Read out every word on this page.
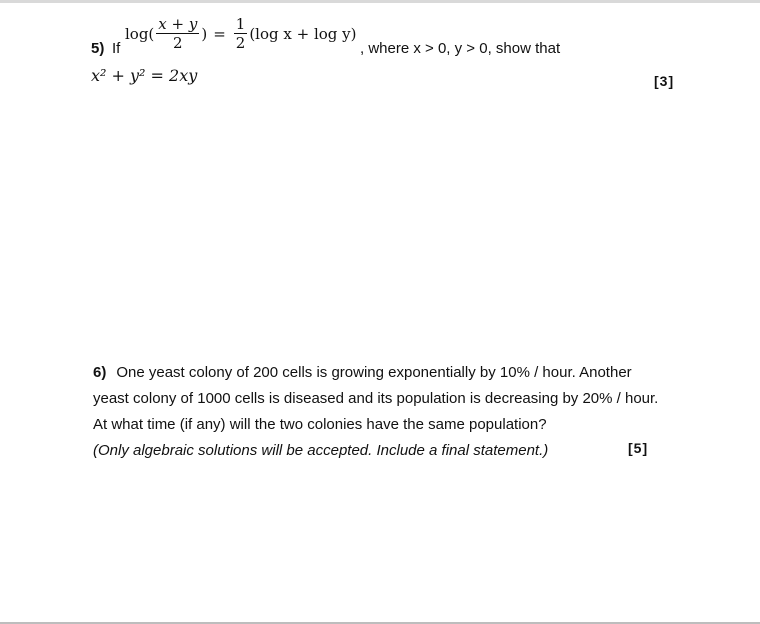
5) If
$\log( \frac{x + y}{2}$ ) = $\frac{1}{2} (\log$ x + log y)
, where x > 0, y > 0, show that
x² + y² = 2xy	[3]
6) One yeast colony of 200 cells is growing exponentially by 10% / hour. Another
yeast colony of 1000 cells is diseased and its population is decreasing by 20% / hour.
At what time (if any) will the two colonies have the same population?
(Only algebraic solutions will be accepted. Include a final statement.)	[5]
